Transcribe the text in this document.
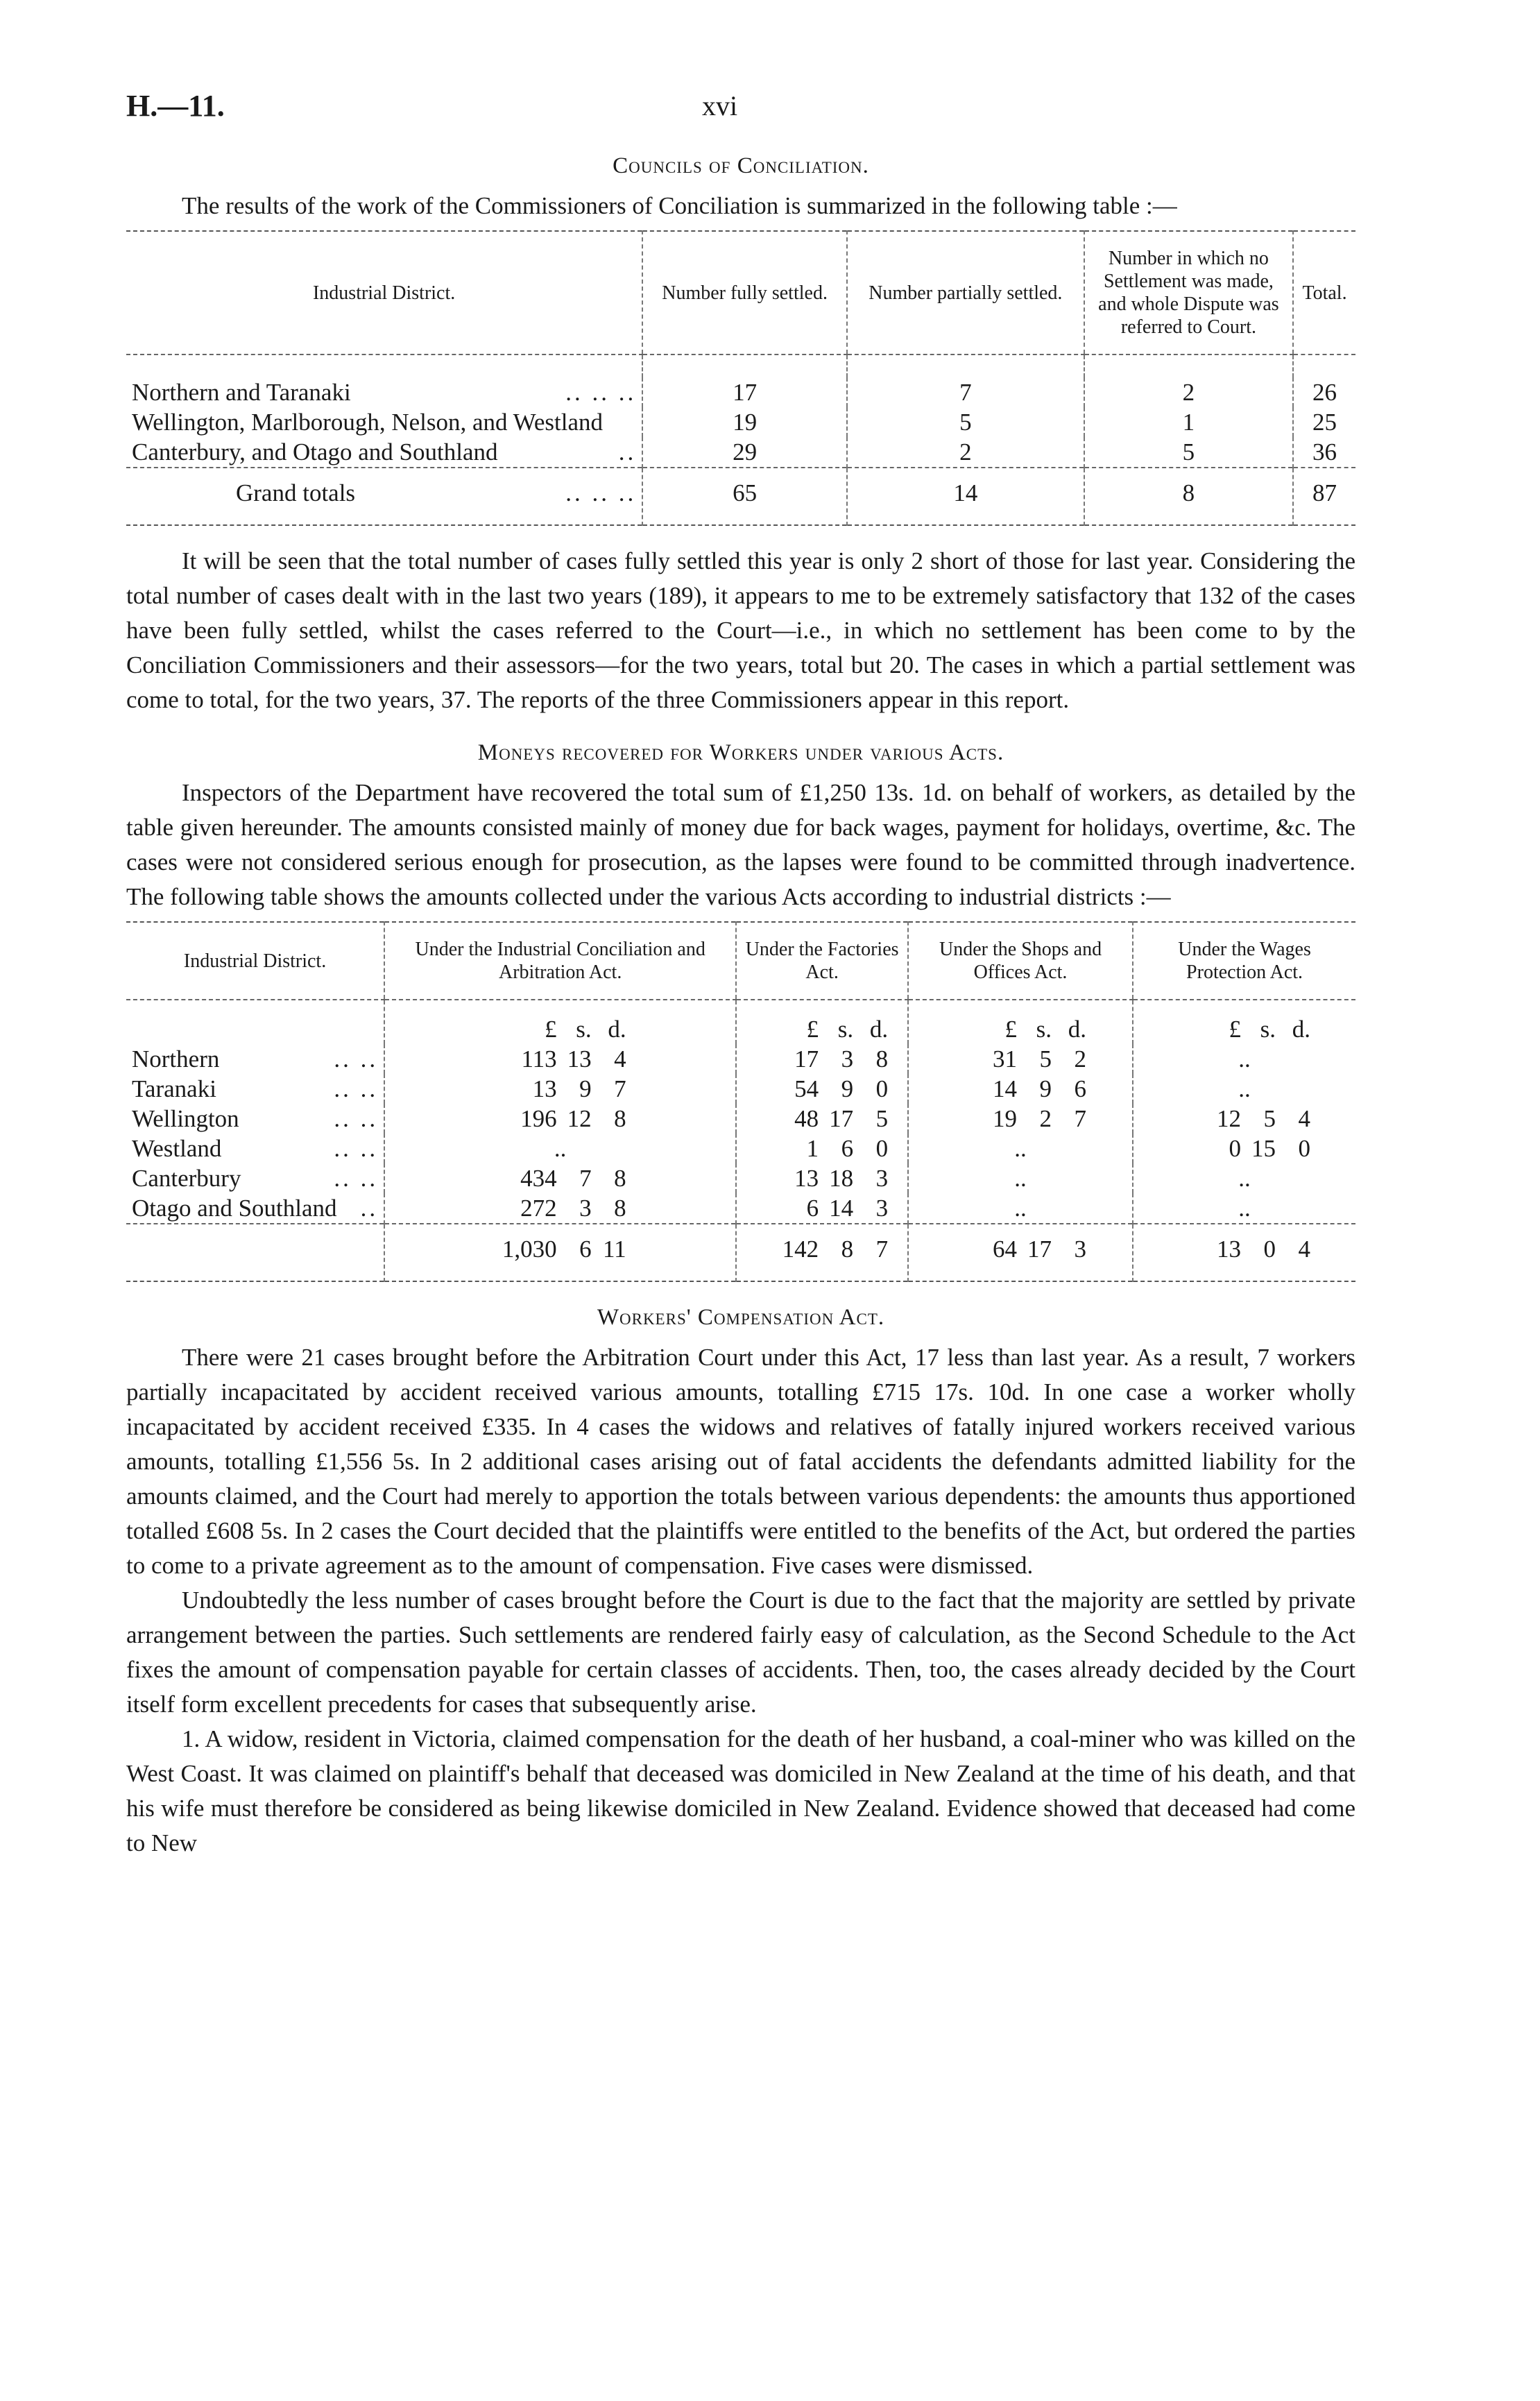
H.—11.	xvi
Councils of Conciliation.

The results of the work of the Commissioners of Conciliation is summarized in the following table :—

Industrial District.	Number fully settled.	Number partially settled.	Number in which no Settlement was made, and whole Dispute was referred to Court.	Total.

Northern and Taranaki .. .. ..	17	7	2	26
Wellington, Marlborough, Nelson, and Westland	19	5	1	25
Canterbury, and Otago and Southland ..	29	2	5	36
Grand totals .. .. ..	65	14	8	87

It will be seen that the total number of cases fully settled this year is only 2 short of those for last year. Considering the total number of cases dealt with in the last two years (189), it appears to me to be extremely satisfactory that 132 of the cases have been fully settled, whilst the cases referred to the Court—i.e., in which no settlement has been come to by the Conciliation Commissioners and their assessors—for the two years, total but 20. The cases in which a partial settlement was come to total, for the two years, 37. The reports of the three Commissioners appear in this report.

Moneys recovered for Workers under various Acts.

Inspectors of the Department have recovered the total sum of £1,250 13s. 1d. on behalf of workers, as detailed by the table given hereunder. The amounts consisted mainly of money due for back wages, payment for holidays, overtime, &c. The cases were not considered serious enough for prosecution, as the lapses were found to be committed through inadvertence. The following table shows the amounts collected under the various Acts according to industrial districts :—

Industrial District.	Under the Industrial Conciliation and Arbitration Act.	Under the Factories Act.	Under the Shops and Offices Act.	Under the Wages Protection Act.
	£ s. d.	£ s. d.	£ s. d.	£ s. d.
Northern .. ..	113 13 4	17 3 8	31 5 2	..
Taranaki .. ..	13 9 7	54 9 0	14 9 6	..
Wellington .. ..	196 12 8	48 17 5	19 2 7	12 5 4
Westland .. ..	..	1 6 0	..	0 15 0
Canterbury .. ..	434 7 8	13 18 3	..	..
Otago and Southland ..	272 3 8	6 14 3	..	..
	1,030 6 11	142 8 7	64 17 3	13 0 4
Workers' Compensation Act.

There were 21 cases brought before the Arbitration Court under this Act, 17 less than last year. As a result, 7 workers partially incapacitated by accident received various amounts, totalling £715 17s. 10d. In one case a worker wholly incapacitated by accident received £335. In 4 cases the widows and relatives of fatally injured workers received various amounts, totalling £1,556 5s. In 2 additional cases arising out of fatal accidents the defendants admitted liability for the amounts claimed, and the Court had merely to apportion the totals between various dependents: the amounts thus apportioned totalled £608 5s. In 2 cases the Court decided that the plaintiffs were entitled to the benefits of the Act, but ordered the parties to come to a private agreement as to the amount of compensation. Five cases were dismissed.

Undoubtedly the less number of cases brought before the Court is due to the fact that the majority are settled by private arrangement between the parties. Such settlements are rendered fairly easy of calculation, as the Second Schedule to the Act fixes the amount of compensation payable for certain classes of accidents. Then, too, the cases already decided by the Court itself form excellent precedents for cases that subsequently arise.

1. A widow, resident in Victoria, claimed compensation for the death of her husband, a coal-miner who was killed on the West Coast. It was claimed on plaintiff's behalf that deceased was domiciled in New Zealand at the time of his death, and that his wife must therefore be considered as being likewise domiciled in New Zealand. Evidence showed that deceased had come to New
